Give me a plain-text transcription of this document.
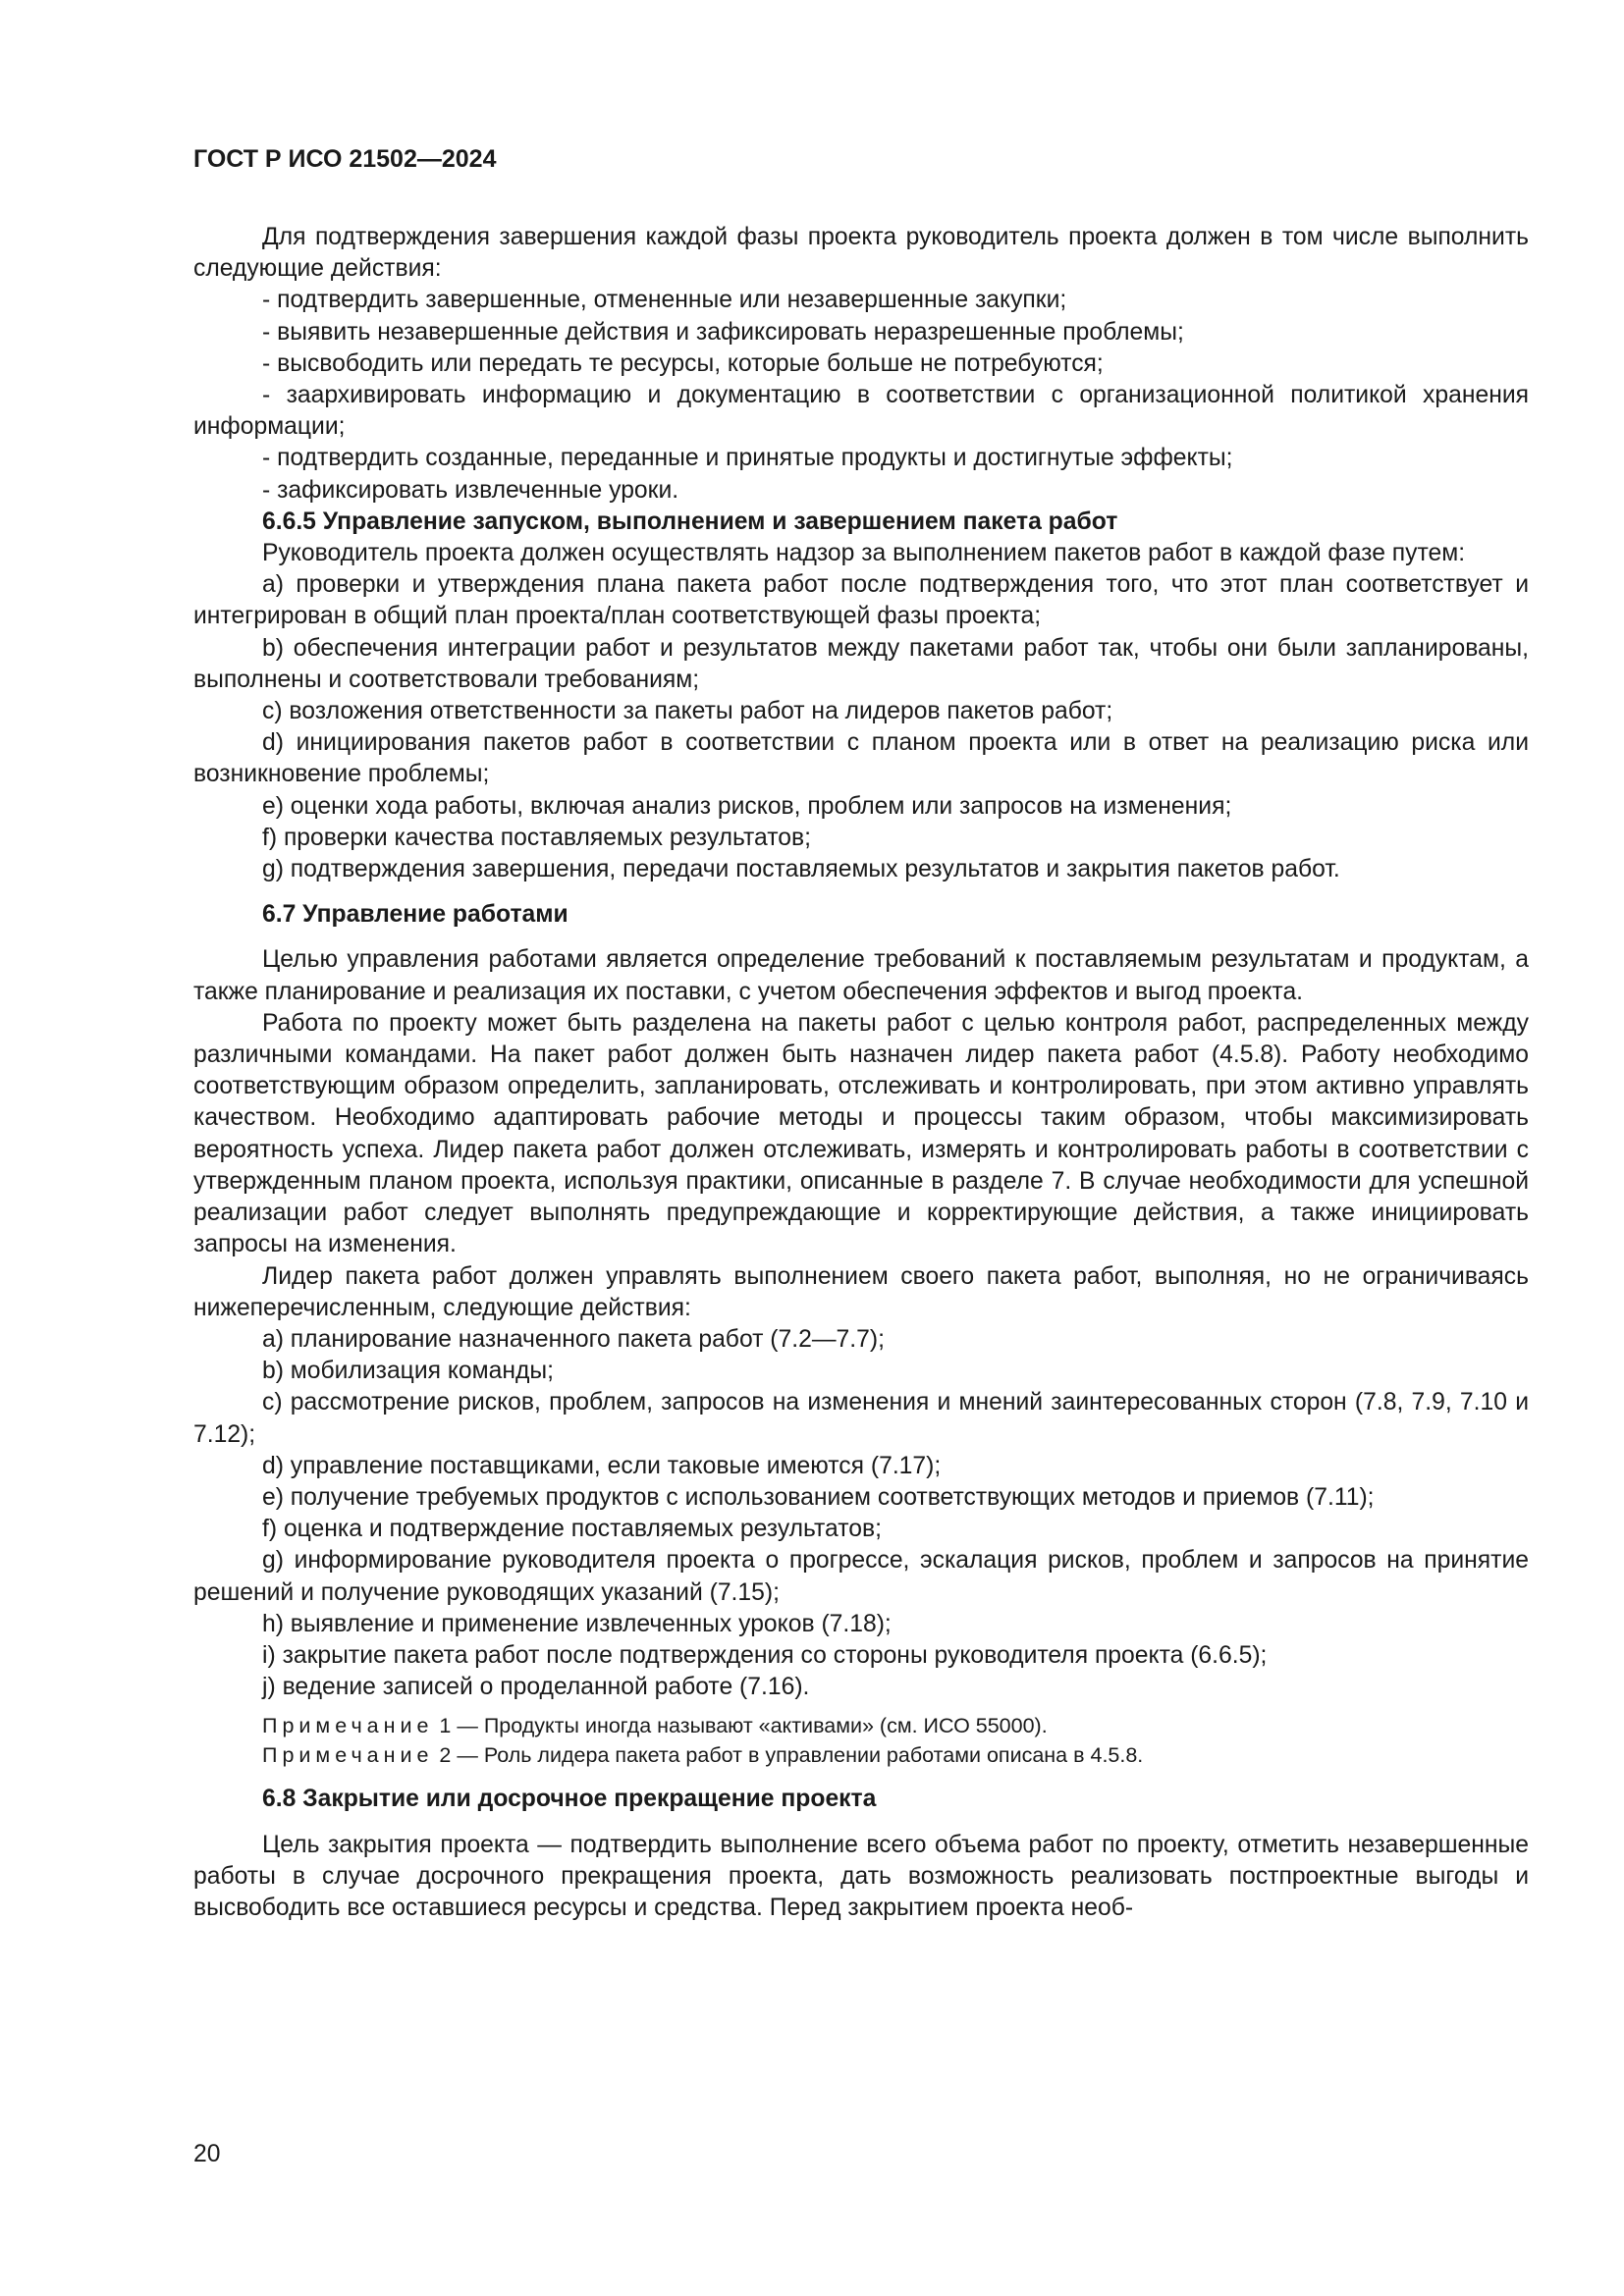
ГОСТ Р ИСО 21502—2024

Для подтверждения завершения каждой фазы проекта руководитель проекта должен в том числе выполнить следующие действия:

- подтвердить завершенные, отмененные или незавершенные закупки;

- выявить незавершенные действия и зафиксировать неразрешенные проблемы;

- высвободить или передать те ресурсы, которые больше не потребуются;

- заархивировать информацию и документацию в соответствии с организационной политикой хранения информации;

- подтвердить созданные, переданные и принятые продукты и достигнутые эффекты;

- зафиксировать извлеченные уроки.

6.6.5 Управление запуском, выполнением и завершением пакета работ

Руководитель проекта должен осуществлять надзор за выполнением пакетов работ в каждой фазе путем:

a) проверки и утверждения плана пакета работ после подтверждения того, что этот план соответствует и интегрирован в общий план проекта/план соответствующей фазы проекта;

b) обеспечения интеграции работ и результатов между пакетами работ так, чтобы они были запланированы, выполнены и соответствовали требованиям;

c) возложения ответственности за пакеты работ на лидеров пакетов работ;

d) инициирования пакетов работ в соответствии с планом проекта или в ответ на реализацию риска или возникновение проблемы;

e) оценки хода работы, включая анализ рисков, проблем или запросов на изменения;

f) проверки качества поставляемых результатов;

g) подтверждения завершения, передачи поставляемых результатов и закрытия пакетов работ.

6.7 Управление работами

Целью управления работами является определение требований к поставляемым результатам и продуктам, а также планирование и реализация их поставки, с учетом обеспечения эффектов и выгод проекта.

Работа по проекту может быть разделена на пакеты работ с целью контроля работ, распределенных между различными командами. На пакет работ должен быть назначен лидер пакета работ (4.5.8). Работу необходимо соответствующим образом определить, запланировать, отслеживать и контролировать, при этом активно управлять качеством. Необходимо адаптировать рабочие методы и процессы таким образом, чтобы максимизировать вероятность успеха. Лидер пакета работ должен отслеживать, измерять и контролировать работы в соответствии с утвержденным планом проекта, используя практики, описанные в разделе 7. В случае необходимости для успешной реализации работ следует выполнять предупреждающие и корректирующие действия, а также инициировать запросы на изменения.

Лидер пакета работ должен управлять выполнением своего пакета работ, выполняя, но не ограничиваясь нижеперечисленным, следующие действия:

a) планирование назначенного пакета работ (7.2—7.7);

b) мобилизация команды;

c) рассмотрение рисков, проблем, запросов на изменения и мнений заинтересованных сторон (7.8, 7.9, 7.10 и 7.12);

d) управление поставщиками, если таковые имеются (7.17);

e) получение требуемых продуктов с использованием соответствующих методов и приемов (7.11);

f) оценка и подтверждение поставляемых результатов;

g) информирование руководителя проекта о прогрессе, эскалация рисков, проблем и запросов на принятие решений и получение руководящих указаний (7.15);

h) выявление и применение извлеченных уроков (7.18);

i) закрытие пакета работ после подтверждения со стороны руководителя проекта (6.6.5);

j) ведение записей о проделанной работе (7.16).

Примечание 1 — Продукты иногда называют «активами» (см. ИСО 55000).
Примечание 2 — Роль лидера пакета работ в управлении работами описана в 4.5.8.

6.8 Закрытие или досрочное прекращение проекта

Цель закрытия проекта — подтвердить выполнение всего объема работ по проекту, отметить незавершенные работы в случае досрочного прекращения проекта, дать возможность реализовать постпроектные выгоды и высвободить все оставшиеся ресурсы и средства. Перед закрытием проекта необ-

20
